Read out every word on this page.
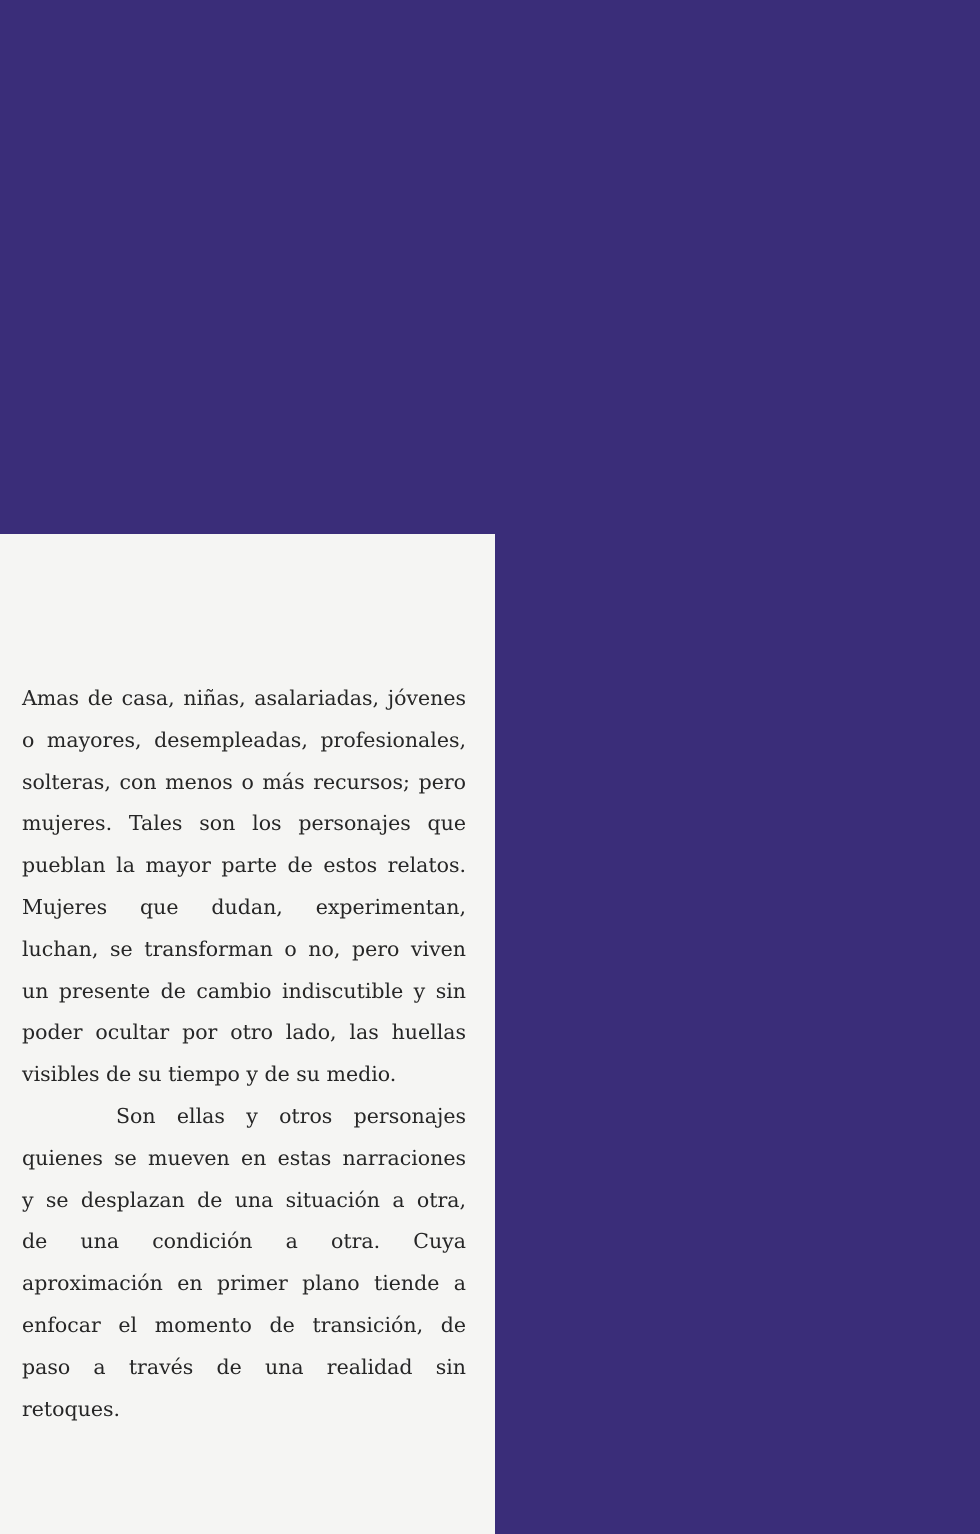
Amas de casa, niñas, asalariadas, jóvenes
o mayores, desempleadas, profesionales,
solteras, con menos o más recursos; pero
mujeres. Tales son los personajes que
pueblan la mayor parte de estos relatos.
Mujeres que dudan, experimentan,
luchan, se transforman o no, pero viven
un presente de cambio indiscutible y sin
poder ocultar por otro lado, las huellas
visibles de su tiempo y de su medio.
Son ellas y otros personajes
quienes se mueven en estas narraciones
y se desplazan de una situación a otra,
de una condición a otra. Cuya
aproximación en primer plano tiende a
enfocar el momento de transición, de
paso a través de una realidad sin
retoques.
